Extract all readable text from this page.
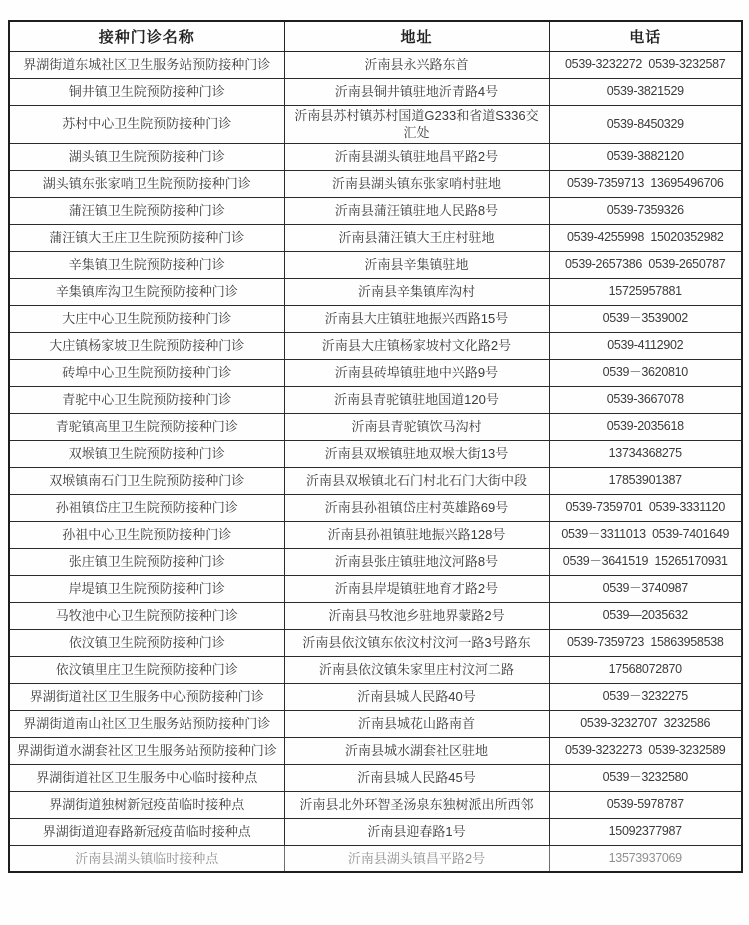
接种门诊名称	地址	电话
界湖街道东城社区卫生服务站预防接种门诊	沂南县永兴路东首	0539-3232272  0539-3232587
铜井镇卫生院预防接种门诊	沂南县铜井镇驻地沂青路4号	0539-3821529
苏村中心卫生院预防接种门诊	沂南县苏村镇苏村国道G233和省道S336交汇处	0539-8450329
湖头镇卫生院预防接种门诊	沂南县湖头镇驻地昌平路2号	0539-3882120
湖头镇东张家哨卫生院预防接种门诊	沂南县湖头镇东张家哨村驻地	0539-7359713  13695496706
蒲汪镇卫生院预防接种门诊	沂南县蒲汪镇驻地人民路8号	0539-7359326
蒲汪镇大王庄卫生院预防接种门诊	沂南县蒲汪镇大王庄村驻地	0539-4255998  15020352982
辛集镇卫生院预防接种门诊	沂南县辛集镇驻地	0539-2657386  0539-2650787
辛集镇库沟卫生院预防接种门诊	沂南县辛集镇库沟村	15725957881
大庄中心卫生院预防接种门诊	沂南县大庄镇驻地振兴西路15号	0539－3539002
大庄镇杨家坡卫生院预防接种门诊	沂南县大庄镇杨家坡村文化路2号	0539-4112902
砖埠中心卫生院预防接种门诊	沂南县砖埠镇驻地中兴路9号	0539－3620810
青驼中心卫生院预防接种门诊	沂南县青驼镇驻地国道120号	0539-3667078
青驼镇高里卫生院预防接种门诊	沂南县青驼镇饮马沟村	0539-2035618
双堠镇卫生院预防接种门诊	沂南县双堠镇驻地双堠大街13号	13734368275
双堠镇南石门卫生院预防接种门诊	沂南县双堠镇北石门村北石门大街中段	17853901387
孙祖镇岱庄卫生院预防接种门诊	沂南县孙祖镇岱庄村英雄路69号	0539-7359701  0539-3331120
孙祖中心卫生院预防接种门诊	沂南县孙祖镇驻地振兴路128号	0539－3311013  0539-7401649
张庄镇卫生院预防接种门诊	沂南县张庄镇驻地汶河路8号	0539－3641519  15265170931
岸堤镇卫生院预防接种门诊	沂南县岸堤镇驻地育才路2号	0539－3740987
马牧池中心卫生院预防接种门诊	沂南县马牧池乡驻地界蒙路2号	0539—2035632
依汶镇卫生院预防接种门诊	沂南县依汶镇东依汶村汶河一路3号路东	0539-7359723  15863958538
依汶镇里庄卫生院预防接种门诊	沂南县依汶镇朱家里庄村汶河二路	17568072870
界湖街道社区卫生服务中心预防接种门诊	沂南县城人民路40号	0539－3232275
界湖街道南山社区卫生服务站预防接种门诊	沂南县城花山路南首	0539-3232707  3232586
界湖街道水湖套社区卫生服务站预防接种门诊	沂南县城水湖套社区驻地	0539-3232273  0539-3232589
界湖街道社区卫生服务中心临时接种点	沂南县城人民路45号	0539－3232580
界湖街道独树新冠疫苗临时接种点	沂南县北外环智圣汤泉东独树派出所西邻	0539-5978787
界湖街道迎春路新冠疫苗临时接种点	沂南县迎春路1号	15092377987
沂南县湖头镇临时接种点	沂南县湖头镇昌平路2号	13573937069
